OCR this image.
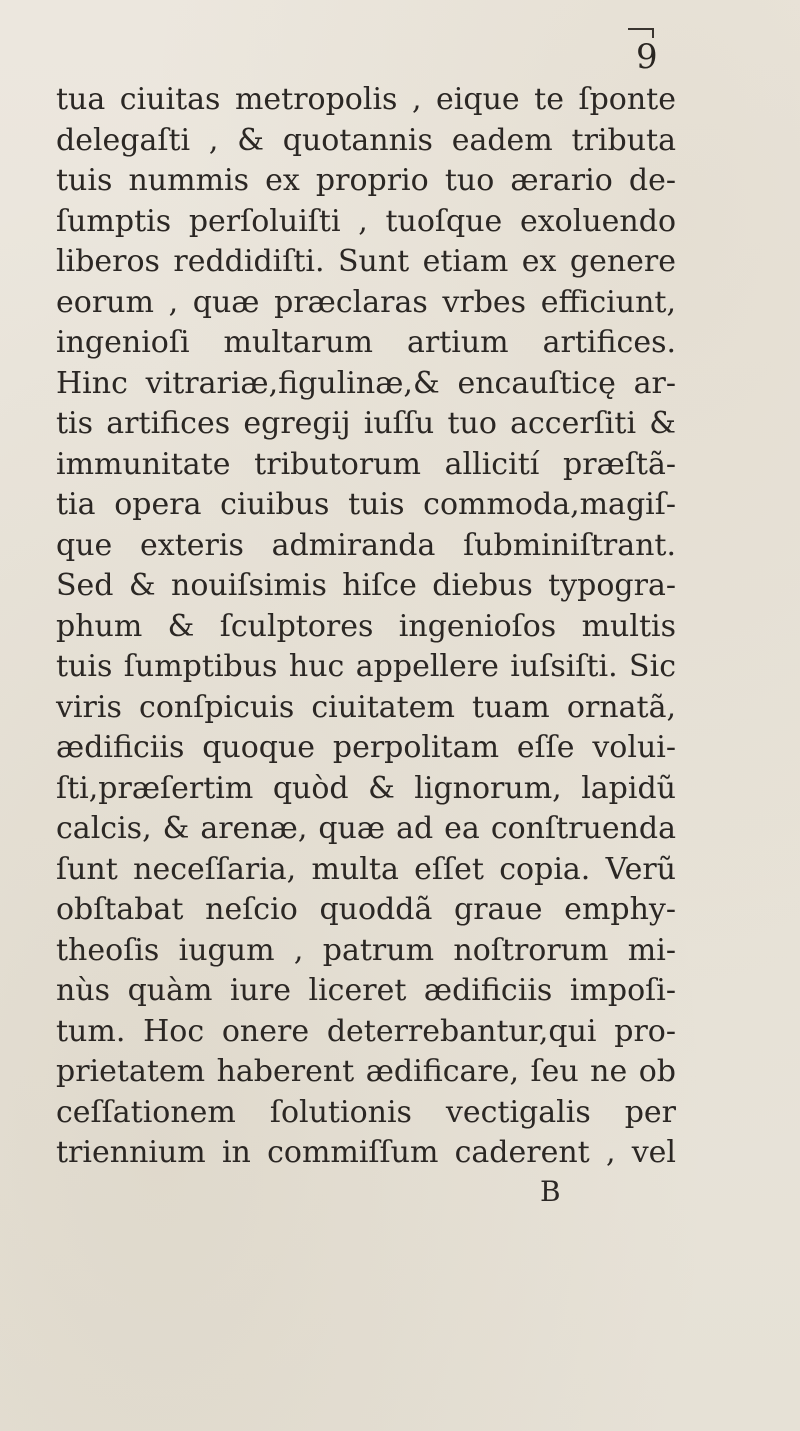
9
tua ciuitas metropolis , eique te ſponte
delegaſti , & quotannis eadem tributa
tuis nummis ex proprio tuo ærario de-
ſumptis perſoluiſti , tuoſque exoluendo
liberos reddidiſti. Sunt etiam ex genere
eorum , quæ præclaras vrbes efficiunt,
ingenioſi multarum artium artifices.
Hinc vitrariæ,figulinæ,& encauſticę ar-
tis artifices egregij iuſſu tuo accerſiti &
immunitate tributorum allicití præſtã-
tia opera ciuibus tuis commoda,magiſ-
que exteris admiranda ſubminiſtrant.
Sed & nouiſsimis hiſce diebus typogra-
phum & ſculptores ingenioſos multis
tuis ſumptibus huc appellere iuſsiſti. Sic
viris conſpicuis ciuitatem tuam ornatã,
ædificiis quoque perpolitam eſſe volui-
ſti,præſertim quòd & lignorum, lapidũ
calcis, & arenæ, quæ ad ea conſtruenda
ſunt neceſſaria, multa eſſet copia. Verũ
obſtabat neſcio quoddã graue emphy-
theoſis iugum , patrum noſtrorum mi-
nùs quàm iure liceret ædificiis impoſi-
tum. Hoc onere deterrebantur,qui pro-
prietatem haberent ædificare, ſeu ne ob
ceſſationem ſolutionis vectigalis per
triennium in commiſſum caderent , vel
B
